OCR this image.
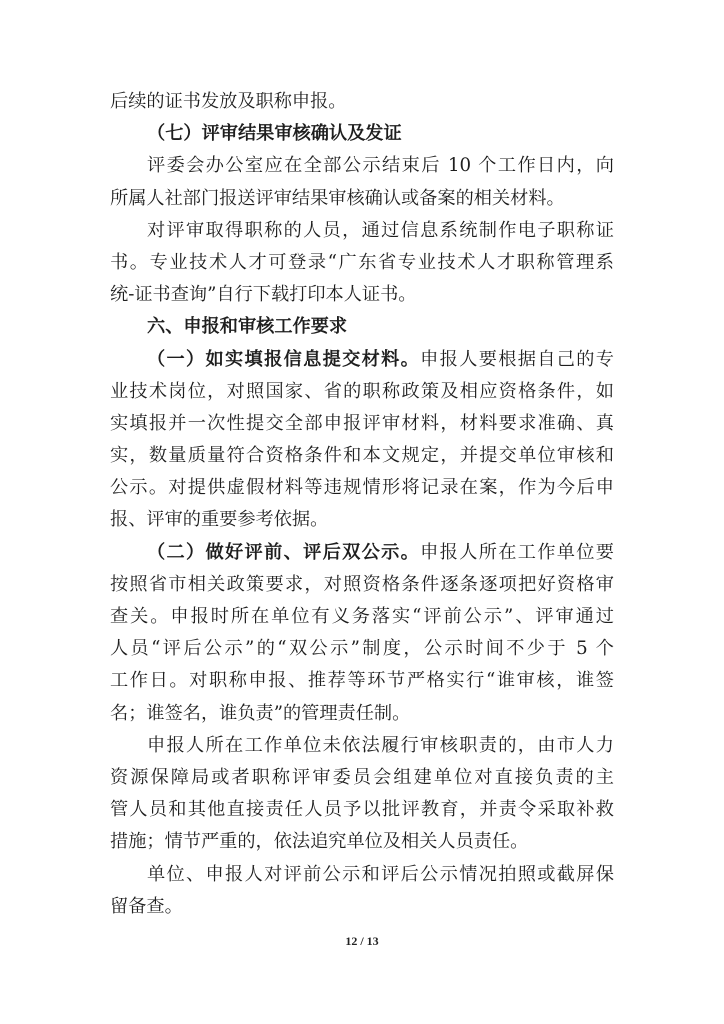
后续的证书发放及职称申报。
（七）评审结果审核确认及发证
评委会办公室应在全部公示结束后 10 个工作日内，向
所属人社部门报送评审结果审核确认或备案的相关材料。
对评审取得职称的人员，通过信息系统制作电子职称证
书。专业技术人才可登录“广东省专业技术人才职称管理系
统-证书查询”自行下载打印本人证书。
六、申报和审核工作要求
（一）如实填报信息提交材料。申报人要根据自己的专
业技术岗位，对照国家、省的职称政策及相应资格条件，如
实填报并一次性提交全部申报评审材料，材料要求准确、真
实，数量质量符合资格条件和本文规定，并提交单位审核和
公示。对提供虚假材料等违规情形将记录在案，作为今后申
报、评审的重要参考依据。
（二）做好评前、评后双公示。申报人所在工作单位要
按照省市相关政策要求，对照资格条件逐条逐项把好资格审
查关。申报时所在单位有义务落实“评前公示”、评审通过
人员“评后公示”的“双公示”制度，公示时间不少于 5 个
工作日。对职称申报、推荐等环节严格实行“谁审核，谁签
名；谁签名，谁负责”的管理责任制。
申报人所在工作单位未依法履行审核职责的，由市人力
资源保障局或者职称评审委员会组建单位对直接负责的主
管人员和其他直接责任人员予以批评教育，并责令采取补救
措施；情节严重的，依法追究单位及相关人员责任。
单位、申报人对评前公示和评后公示情况拍照或截屏保
留备查。
12 / 13
